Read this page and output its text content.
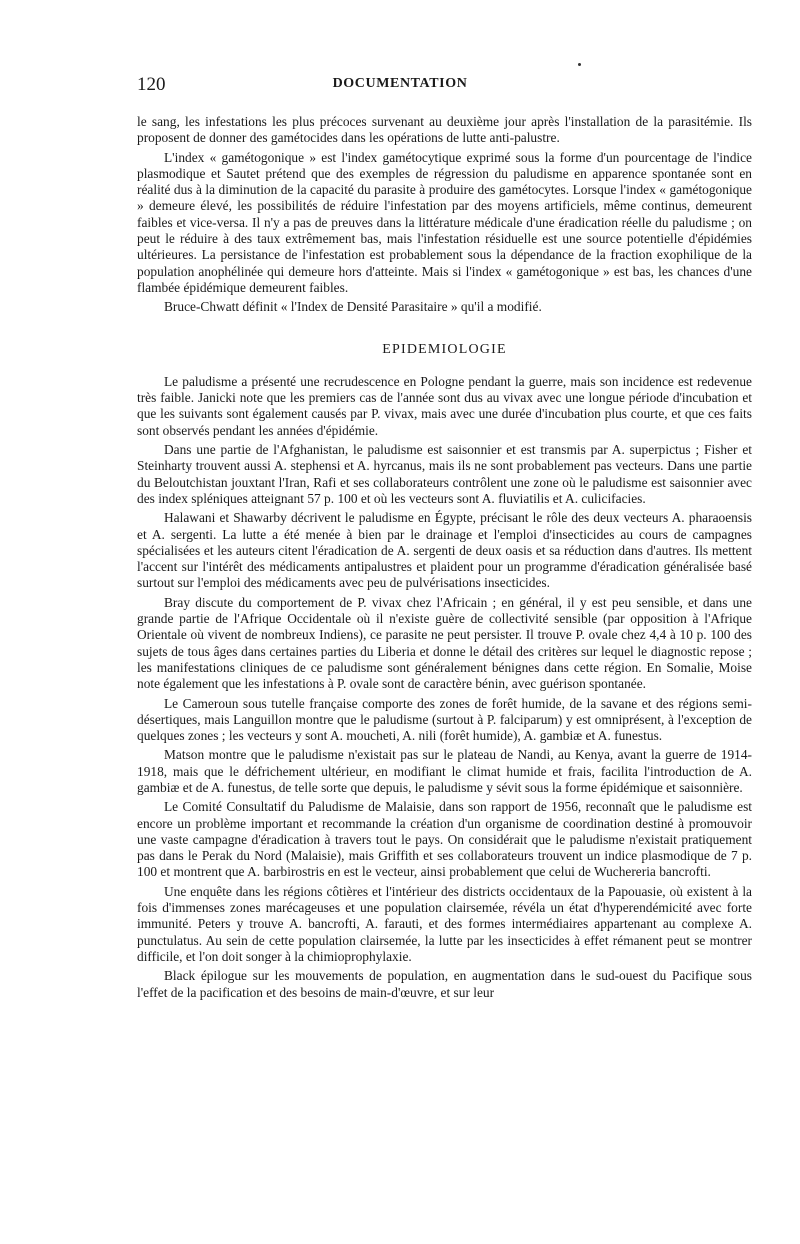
120	DOCUMENTATION

le sang, les infestations les plus précoces survenant au deuxième jour après l'installation de la parasitémie. Ils proposent de donner des gamétocides dans les opérations de lutte anti-palustre.

L'index « gamétogonique » est l'index gamétocytique exprimé sous la forme d'un pourcentage de l'indice plasmodique et Sautet prétend que des exemples de régression du paludisme en apparence spontanée sont en réalité dus à la diminution de la capacité du parasite à produire des gamétocytes. Lorsque l'index « gamétogonique » demeure élevé, les possibilités de réduire l'infestation par des moyens artificiels, même continus, demeurent faibles et vice-versa. Il n'y a pas de preuves dans la littérature médicale d'une éradication réelle du paludisme ; on peut le réduire à des taux extrêmement bas, mais l'infestation résiduelle est une source potentielle d'épidémies ultérieures. La persistance de l'infestation est probablement sous la dépendance de la fraction exophilique de la population anophélinée qui demeure hors d'atteinte. Mais si l'index « gamétogonique » est bas, les chances d'une flambée épidémique demeurent faibles.

Bruce-Chwatt définit « l'Index de Densité Parasitaire » qu'il a modifié.

EPIDEMIOLOGIE

Le paludisme a présenté une recrudescence en Pologne pendant la guerre, mais son incidence est redevenue très faible. Janicki note que les premiers cas de l'année sont dus au vivax avec une longue période d'incubation et que les suivants sont également causés par P. vivax, mais avec une durée d'incubation plus courte, et que ces faits sont observés pendant les années d'épidémie.

Dans une partie de l'Afghanistan, le paludisme est saisonnier et est transmis par A. superpictus ; Fisher et Steinharty trouvent aussi A. stephensi et A. hyrcanus, mais ils ne sont probablement pas vecteurs. Dans une partie du Beloutchistan jouxtant l'Iran, Rafi et ses collaborateurs contrôlent une zone où le paludisme est saisonnier avec des index spléniques atteignant 57 p. 100 et où les vecteurs sont A. fluviatilis et A. culicifacies.

Halawani et Shawarby décrivent le paludisme en Égypte, précisant le rôle des deux vecteurs A. pharaoensis et A. sergenti. La lutte a été menée à bien par le drainage et l'emploi d'insecticides au cours de campagnes spécialisées et les auteurs citent l'éradication de A. sergenti de deux oasis et sa réduction dans d'autres. Ils mettent l'accent sur l'intérêt des médicaments antipalustres et plaident pour un programme d'éradication généralisée basé surtout sur l'emploi des médicaments avec peu de pulvérisations insecticides.

Bray discute du comportement de P. vivax chez l'Africain ; en général, il y est peu sensible, et dans une grande partie de l'Afrique Occidentale où il n'existe guère de collectivité sensible (par opposition à l'Afrique Orientale où vivent de nombreux Indiens), ce parasite ne peut persister. Il trouve P. ovale chez 4,4 à 10 p. 100 des sujets de tous âges dans certaines parties du Liberia et donne le détail des critères sur lequel le diagnostic repose ; les manifestations cliniques de ce paludisme sont généralement bénignes dans cette région. En Somalie, Moise note également que les infestations à P. ovale sont de caractère bénin, avec guérison spontanée.

Le Cameroun sous tutelle française comporte des zones de forêt humide, de la savane et des régions semi-désertiques, mais Languillon montre que le paludisme (surtout à P. falciparum) y est omniprésent, à l'exception de quelques zones ; les vecteurs y sont A. moucheti, A. nili (forêt humide), A. gambiæ et A. funestus.

Matson montre que le paludisme n'existait pas sur le plateau de Nandi, au Kenya, avant la guerre de 1914-1918, mais que le défrichement ultérieur, en modifiant le climat humide et frais, facilita l'introduction de A. gambiæ et de A. funestus, de telle sorte que depuis, le paludisme y sévit sous la forme épidémique et saisonnière.

Le Comité Consultatif du Paludisme de Malaisie, dans son rapport de 1956, reconnaît que le paludisme est encore un problème important et recommande la création d'un organisme de coordination destiné à promouvoir une vaste campagne d'éradication à travers tout le pays. On considérait que le paludisme n'existait pratiquement pas dans le Perak du Nord (Malaisie), mais Griffith et ses collaborateurs trouvent un indice plasmodique de 7 p. 100 et montrent que A. barbirostris en est le vecteur, ainsi probablement que celui de Wuchereria bancrofti.

Une enquête dans les régions côtières et l'intérieur des districts occidentaux de la Papouasie, où existent à la fois d'immenses zones marécageuses et une population clairsemée, révéla un état d'hyperendémicité avec forte immunité. Peters y trouve A. bancrofti, A. farauti, et des formes intermédiaires appartenant au complexe A. punctulatus. Au sein de cette population clairsemée, la lutte par les insecticides à effet rémanent peut se montrer difficile, et l'on doit songer à la chimioprophylaxie.

Black épilogue sur les mouvements de population, en augmentation dans le sud-ouest du Pacifique sous l'effet de la pacification et des besoins de main-d'œuvre, et sur leur
